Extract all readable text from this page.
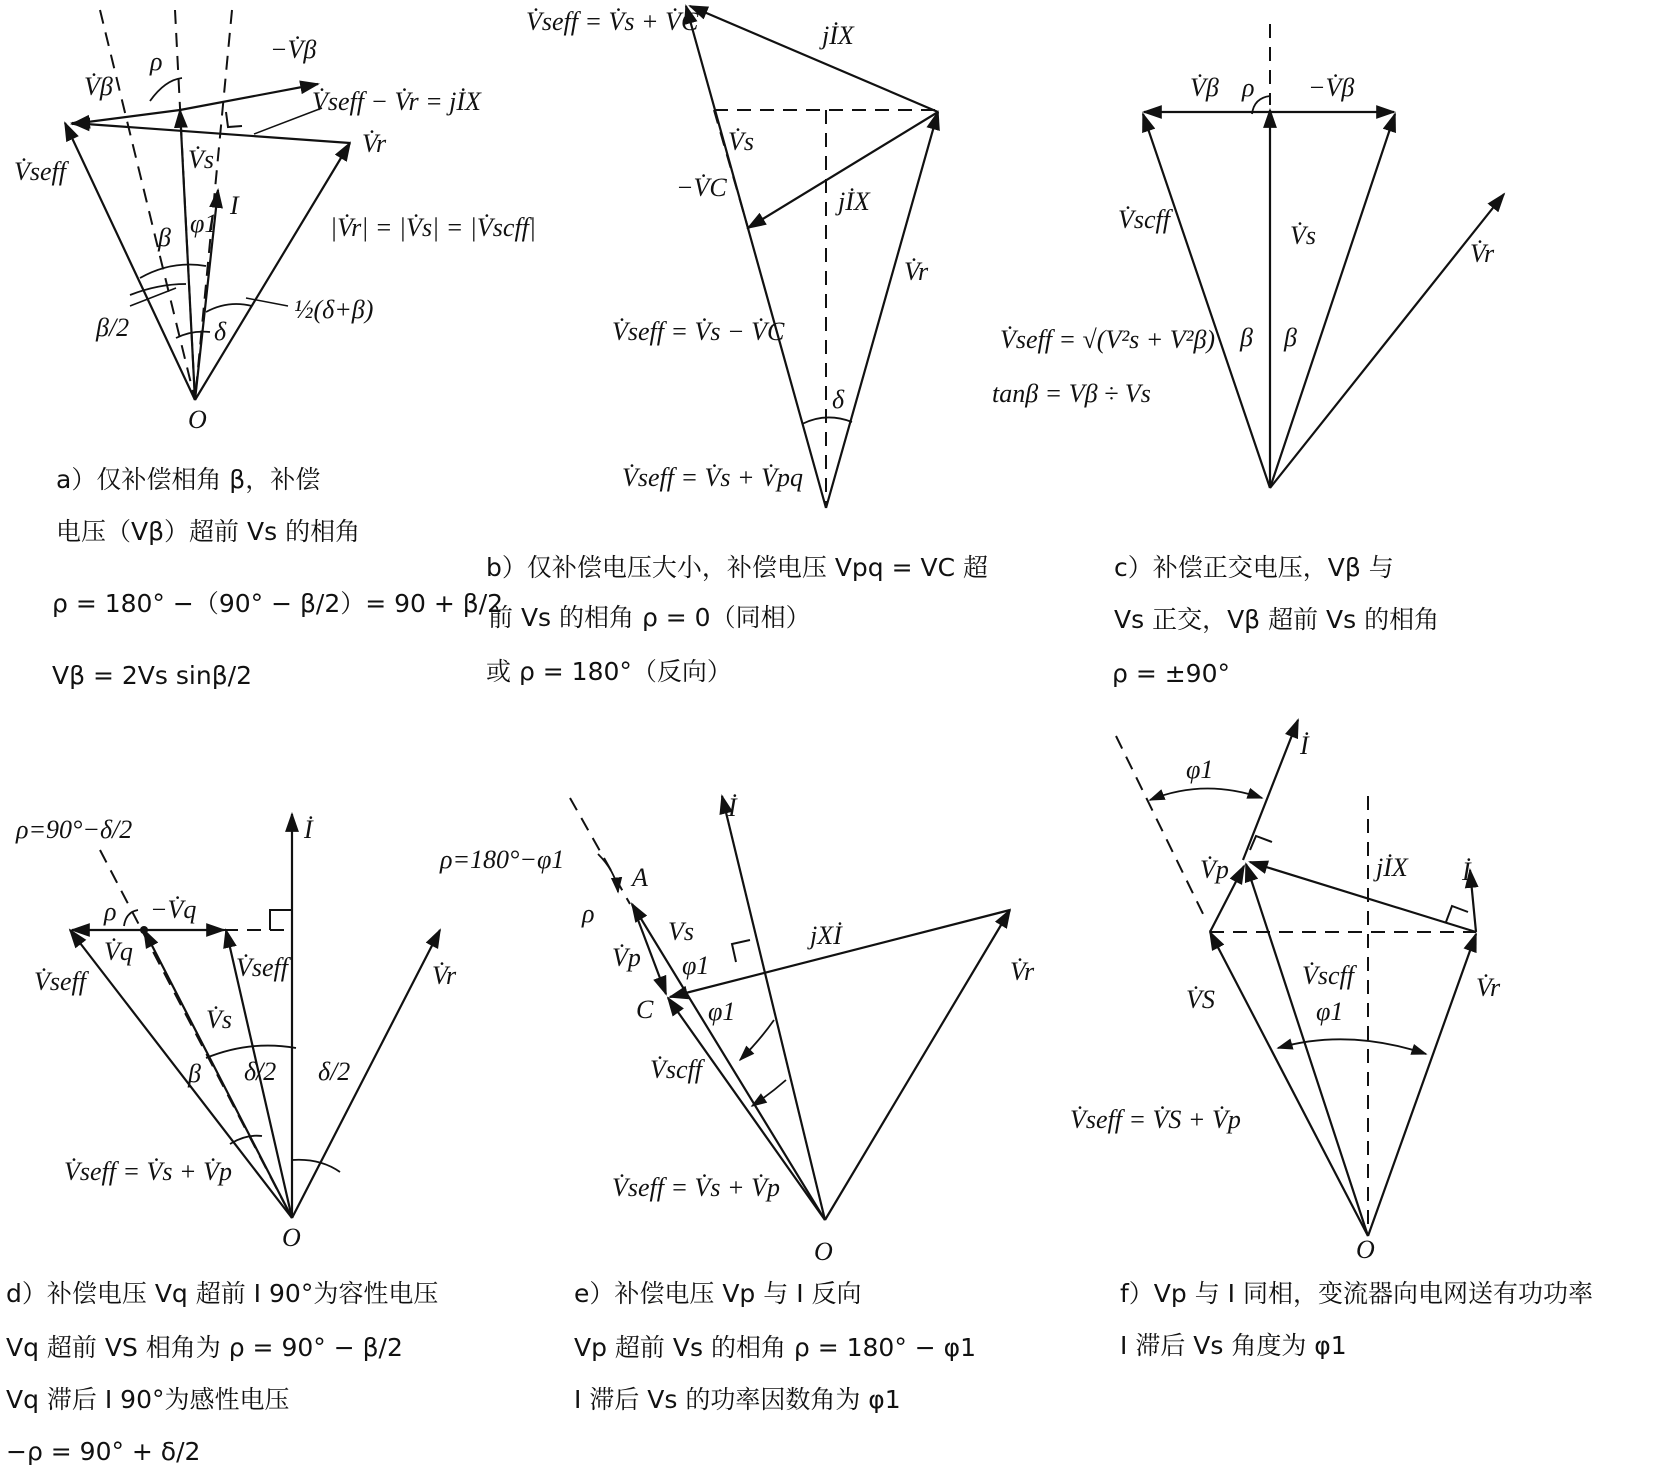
V̇β
−V̇β
ρ
V̇seff − V̇r = jİX
V̇seff	V̇s
V̇r
β φ1
I
|V̇r| = |V̇s| = |V̇scff|
β/2	δ
½(δ+β)
O
a）仅补偿相角 β，补偿
电压（Vβ）超前 Vs 的相角
ρ = 180° −（90° − β/2）= 90 + β/2
Vβ = 2Vs sinβ/2
V̇seff = V̇s + V̇C	jİX
V̇s
−V̇C	jİX
V̇r
V̇seff = V̇s − V̇C
δ
V̇seff = V̇s + V̇pq
b）仅补偿电压大小，补偿电压 Vpq = VC 超
前 Vs 的相角 ρ = 0（同相）
或 ρ = 180°（反向）
V̇β ρ −V̇β
V̇scff
V̇s
V̇r
β β
V̇seff = √(V²s + V²β)
tanβ = Vβ ÷ Vs
c）补偿正交电压，Vβ 与
Vs 正交，Vβ 超前 Vs 的相角
ρ = ±90°
ρ=90°−δ/2	İ
ρ −V̇q
V̇seff
V̇q
V̇seff
V̇s
V̇r
β δ/2 δ/2
V̇seff = V̇s + V̇p
O
d）补偿电压 Vq 超前 I 90°为容性电压
Vq 超前 VS 相角为 ρ = 90° − β/2
Vq 滞后 I 90°为感性电压
−ρ = 90° + δ/2
ρ=180°−φ1
A
İ
ρ
Vs	jXİ
V̇p φ1
C φ1
V̇r
V̇scff
V̇seff = V̇s + V̇p
O
e）补偿电压 Vp 与 I 反向
Vp 超前 Vs 的相角 ρ = 180° − φ1
I 滞后 Vs 的功率因数角为 φ1
İ
φ1
V̇p	jİX İ
V̇scff
V̇S	φ1
V̇r
V̇seff = V̇S + V̇p
O
f）Vp 与 I 同相，变流器向电网送有功功率
I 滞后 Vs 角度为 φ1
